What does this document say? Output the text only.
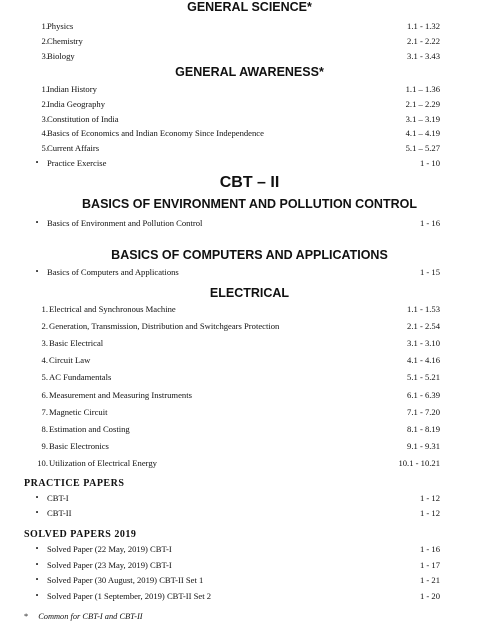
GENERAL SCIENCE*
1. Physics	1.1 - 1.32
2. Chemistry	2.1 - 2.22
3. Biology	3.1 - 3.43
GENERAL AWARENESS*
1. Indian History	1.1 – 1.36
2. India Geography	2.1 – 2.29
3. Constitution of India	3.1 – 3.19
4. Basics of Economics and Indian Economy Since Independence	4.1 – 4.19
5. Current Affairs	5.1 – 5.27
• Practice Exercise	1 - 10
CBT – II
BASICS OF ENVIRONMENT AND POLLUTION CONTROL
• Basics of Environment and Pollution Control	1 - 16
BASICS OF COMPUTERS AND APPLICATIONS
• Basics of Computers and Applications	1 - 15
ELECTRICAL
1. Electrical and Synchronous Machine	1.1 - 1.53
2. Generation, Transmission, Distribution and Switchgears Protection	2.1 - 2.54
3. Basic Electrical	3.1 - 3.10
4. Circuit Law	4.1 - 4.16
5. AC Fundamentals	5.1 - 5.21
6. Measurement and Measuring Instruments	6.1 - 6.39
7. Magnetic Circuit	7.1 - 7.20
8. Estimation and Costing	8.1 - 8.19
9. Basic Electronics	9.1 - 9.31
10. Utilization of Electrical Energy	10.1 - 10.21
PRACTICE PAPERS
• CBT-I	1 - 12
• CBT-II	1 - 12
SOLVED PAPERS 2019
• Solved Paper (22 May, 2019) CBT-I	1 - 16
• Solved Paper (23 May, 2019) CBT-I	1 - 17
• Solved Paper (30 August, 2019) CBT-II Set 1	1 - 21
• Solved Paper (1 September, 2019) CBT-II Set 2	1 - 20
* Common for CBT-I and CBT-II
